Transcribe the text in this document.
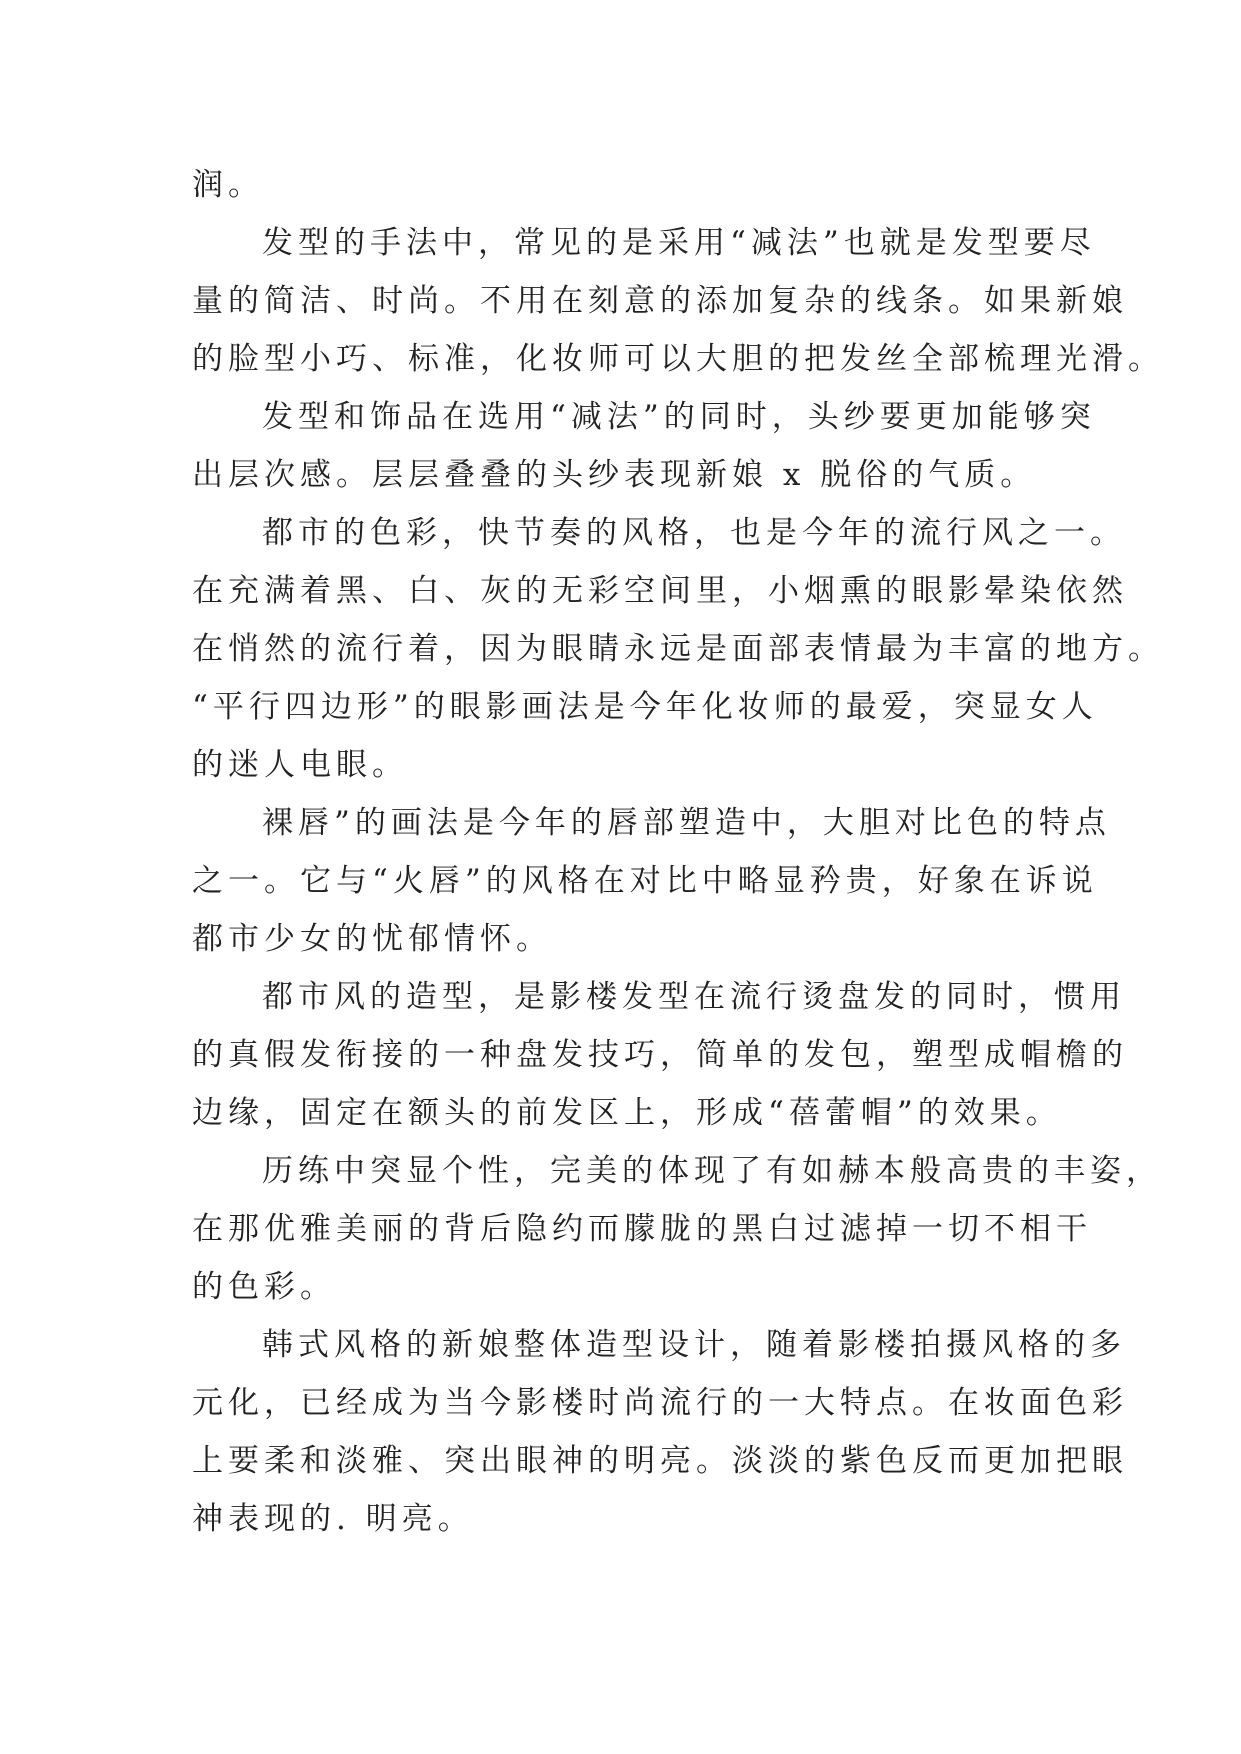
润。
发型的手法中，常见的是采用“减法”也就是发型要尽
量的简洁、时尚。不用在刻意的添加复杂的线条。如果新娘
的脸型小巧、标准，化妆师可以大胆的把发丝全部梳理光滑。
发型和饰品在选用“减法”的同时，头纱要更加能够突
出层次感。层层叠叠的头纱表现新娘 x 脱俗的气质。
都市的色彩，快节奏的风格，也是今年的流行风之一。
在充满着黑、白、灰的无彩空间里，小烟熏的眼影晕染依然
在悄然的流行着，因为眼睛永远是面部表情最为丰富的地方。
“平行四边形”的眼影画法是今年化妆师的最爱，突显女人
的迷人电眼。
裸唇”的画法是今年的唇部塑造中，大胆对比色的特点
之一。它与“火唇”的风格在对比中略显矜贵，好象在诉说
都市少女的忧郁情怀。
都市风的造型，是影楼发型在流行烫盘发的同时，惯用
的真假发衔接的一种盘发技巧，简单的发包，塑型成帽檐的
边缘，固定在额头的前发区上，形成“蓓蕾帽”的效果。
历练中突显个性，完美的体现了有如赫本般高贵的丰姿，
在那优雅美丽的背后隐约而朦胧的黑白过滤掉一切不相干
的色彩。
韩式风格的新娘整体造型设计，随着影楼拍摄风格的多
元化，已经成为当今影楼时尚流行的一大特点。在妆面色彩
上要柔和淡雅、突出眼神的明亮。淡淡的紫色反而更加把眼
神表现的. 明亮。
